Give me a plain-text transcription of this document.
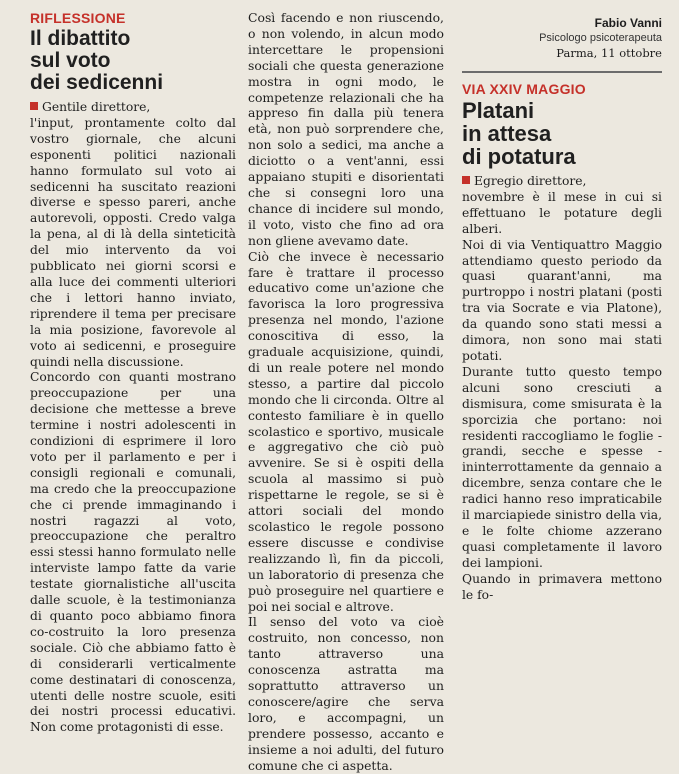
RIFLESSIONE
Il dibattito
sul voto
dei sedicenni

Gentile direttore,

l'input, prontamente colto dal vostro giornale, che alcuni esponenti politici nazionali hanno formulato sul voto ai sedicenni ha suscitato reazioni diverse e spesso pareri, anche autorevoli, opposti. Credo valga la pena, al di là della sinteticità del mio intervento da voi pubblicato nei giorni scorsi e alla luce dei commenti ulteriori che i lettori hanno inviato, riprendere il tema per precisare la mia posizione, favorevole al voto ai sedicenni, e proseguire quindi nella discussione.

Concordo con quanti mostrano preoccupazione per una decisione che mettesse a breve termine i nostri adolescenti in condizioni di esprimere il loro voto per il parlamento e per i consigli regionali e comunali, ma credo che la preoccupazione che ci prende immaginando i nostri ragazzi al voto, preoccupazione che peraltro essi stessi hanno formulato nelle interviste lampo fatte da varie testate giornalistiche all'uscita dalle scuole, è la testimonianza di quanto poco abbiamo finora co-costruito la loro presenza sociale. Ciò che abbiamo fatto è di considerarli verticalmente come destinatari di conoscenza, utenti delle nostre scuole, esiti dei nostri processi educativi. Non come protagonisti di esse.

Così facendo e non riuscendo, o non volendo, in alcun modo intercettare le propensioni sociali che questa generazione mostra in ogni modo, le competenze relazionali che ha appreso fin dalla più tenera età, non può sorprendere che, non solo a sedici, ma anche a diciotto o a vent'anni, essi appaiano stupiti e disorientati che si consegni loro una chance di incidere sul mondo, il voto, visto che fino ad ora non gliene avevamo date.

Ciò che invece è necessario fare è trattare il processo educativo come un'azione che favorisca la loro progressiva presenza nel mondo, l'azione conoscitiva di esso, la graduale acquisizione, quindi, di un reale potere nel mondo stesso, a partire dal piccolo mondo che li circonda. Oltre al contesto familiare è in quello scolastico e sportivo, musicale e aggregativo che ciò può avvenire. Se si è ospiti della scuola al massimo si può rispettarne le regole, se si è attori sociali del mondo scolastico le regole possono essere discusse e condivise realizzando lì, fin da piccoli, un laboratorio di presenza che può proseguire nel quartiere e poi nei social e altrove.

Il senso del voto va cioè costruito, non concesso, non tanto attraverso una conoscenza astratta ma soprattutto attraverso un conoscere/agire che serva loro, e accompagni, un prendere possesso, accanto e insieme a noi adulti, del futuro comune che ci aspetta.

Fabio Vanni
Psicologo psicoterapeuta
Parma, 11 ottobre
VIA XXIV MAGGIO
Platani
in attesa
di potatura

Egregio direttore,

novembre è il mese in cui si effettuano le potature degli alberi.

Noi di via Ventiquattro Maggio attendiamo questo periodo da quasi quarant'anni, ma purtroppo i nostri platani (posti tra via Socrate e via Platone), da quando sono stati messi a dimora, non sono mai stati potati.

Durante tutto questo tempo alcuni sono cresciuti a dismisura, come smisurata è la sporcizia che portano: noi residenti raccogliamo le foglie - grandi, secche e spesse - ininterrottamente da gennaio a dicembre, senza contare che le radici hanno reso impraticabile il marciapiede sinistro della via, e le folte chiome azzerano quasi completamente il lavoro dei lampioni.

Quando in primavera mettono le fo-
